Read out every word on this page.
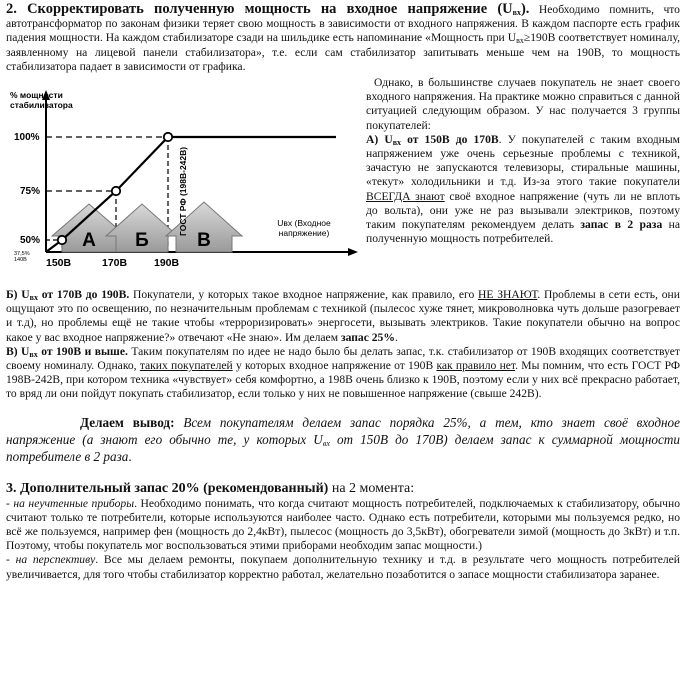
2. Скорректировать полученную мощность на входное напряжение $(U_{вх})$. Необходимо помнить, что автотрансформатор по законам физики теряет свою мощность в зависимости от входного напряжения. В каждом паспорте есть график падения мощности. На каждом стабилизаторе сзади на шильдике есть напоминание «Мощность при $U_{вх}\ge 190В$ соответствует номиналу, заявленному на лицевой панели стабилизатора», т.е. если сам стабилизатор запитывать меньше чем на 190В, то мощность стабилизатора падает в зависимости от графика.

А Б	В
% мощности
стабилизатора
100%
75%
50%
37,5%
140В 150В	170В	190В
Uвх (Входное
напряжение)
ГОСТ РФ (198В-242В)

Однако, в большинстве случаев покупатель не знает своего входного напряжения. На практике можно справиться с данной ситуацией следующим образом. У нас получается 3 группы покупателей:

А) $U_{вх}$ от 150В до 170В. У покупателей с таким входным напряжением уже очень серьезные проблемы с техникой, зачастую не запускаются телевизоры, стиральные машины, «текут» холодильники и т.д. Из-за этого такие покупатели ВСЕГДА знают своё входное напряжение (чуть ли не вплоть до вольта), они уже не раз вызывали электриков, поэтому таким покупателям рекомендуем делать запас в 2 раза на полученную мощность потребителей.

Б) $U_{вх}$ от 170В до 190В. Покупатели, у которых такое входное напряжение, как правило, его НЕ ЗНАЮТ. Проблемы в сети есть, они ощущают это по освещению, по незначительным проблемам с техникой (пылесос хуже тянет, микроволновка чуть дольше разогревает и т.д), но проблемы ещё не такие чтобы «терроризировать» энергосети, вызывать электриков. Такие покупатели обычно на вопрос какое у вас входное напряжение?» отвечают «Не знаю». Им делаем запас 25%.

В) $U_{вх}$ от 190В и выше. Таким покупателям по идее не надо было бы делать запас, т.к. стабилизатор от 190В входящих соответствует своему номиналу. Однако, таких покупателей у которых входное напряжение от 190В как правило нет. Мы помним, что есть ГОСТ РФ 198В-242В, при котором техника «чувствует» себя комфортно, а 198В очень близко к 190В, поэтому если у них всё прекрасно работает, то вряд ли они пойдут покупать стабилизатор, если только у них не повышенное напряжение (свыше 242В).

Делаем вывод: Всем покупателям делаем запас порядка 25%, а тем, кто знает своё входное напряжение (а знают его обычно те, у которых $U_{вх}$ от 150В до 170В) делаем запас к суммарной мощности потребителе в 2 раза.

3. Дополнительный запас 20% (рекомендованный) на 2 момента:

- на неучтенные приборы. Необходимо понимать, что когда считают мощность потребителей, подключаемых к стабилизатору, обычно считают только те потребители, которые используются наиболее часто. Однако есть потребители, которыми мы пользуемся редко, но всё же пользуемся, например фен (мощность до 2,4кВт), пылесос (мощность до 3,5кВт), обогреватели зимой (мощность до 3кВт) и т.п. Поэтому, чтобы покупатель мог воспользоваться этими приборами необходим запас мощности.)

- на перспективу. Все мы делаем ремонты, покупаем дополнительную технику и т.д. в результате чего мощность потребителей увеличивается, для того чтобы стабилизатор корректно работал, желательно позаботится о запасе мощности стабилизатора заранее.
